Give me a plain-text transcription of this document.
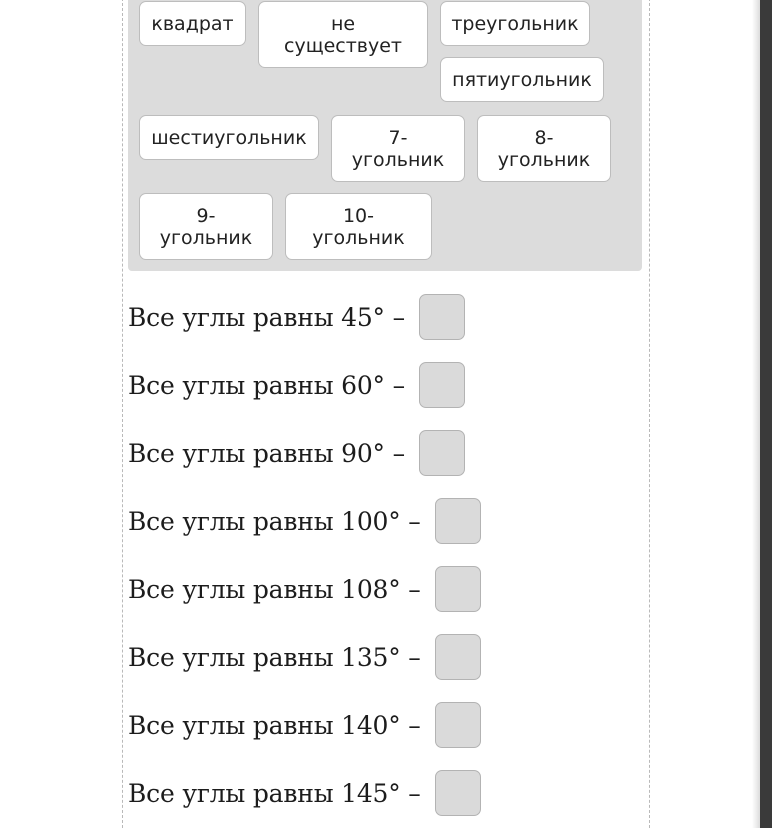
квадрат	не
существует
треугольник
пятиугольник
шестиугольник	7-
угольник
8-
угольник
9-
угольник
10-
угольник
Все углы равны 45° –
Все углы равны 60° –
Все углы равны 90° –
Все углы равны 100° –
Все углы равны 108° –
Все углы равны 135° –
Все углы равны 140° –
Все углы равны 145° –
